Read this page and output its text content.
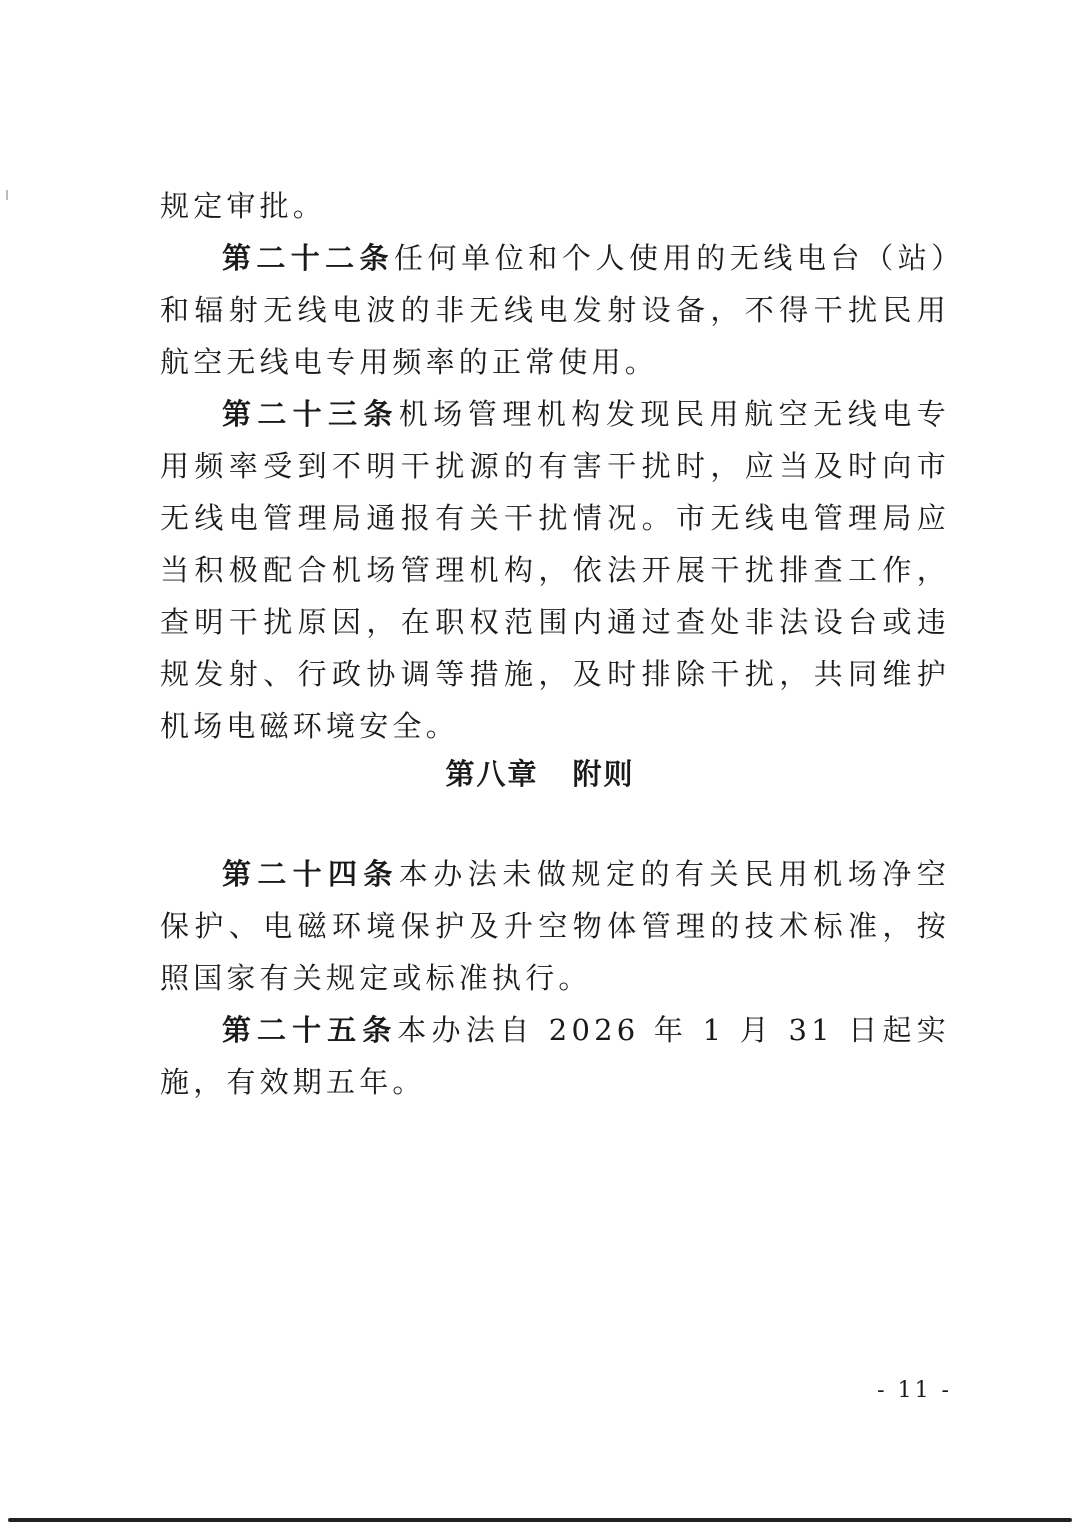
规定审批。

第二十二条任何单位和个人使用的无线电台（站）和辐射无线电波的非无线电发射设备，不得干扰民用航空无线电专用频率的正常使用。

第二十三条机场管理机构发现民用航空无线电专用频率受到不明干扰源的有害干扰时，应当及时向市无线电管理局通报有关干扰情况。市无线电管理局应当积极配合机场管理机构，依法开展干扰排查工作，查明干扰原因，在职权范围内通过查处非法设台或违规发射、行政协调等措施，及时排除干扰，共同维护机场电磁环境安全。

第八章 附则

第二十四条本办法未做规定的有关民用机场净空保护、电磁环境保护及升空物体管理的技术标准，按照国家有关规定或标准执行。

第二十五条本办法自 2026 年 1 月 31 日起实施，有效期五年。

- 11 -
